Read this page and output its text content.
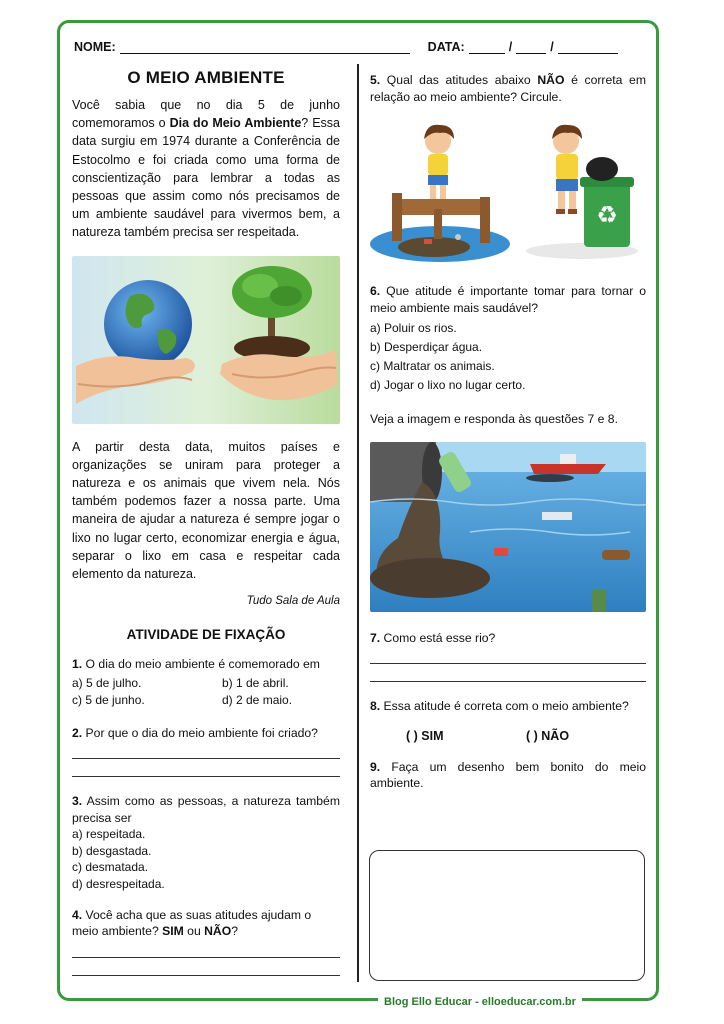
NOME:	DATA:	/	/
O MEIO AMBIENTE

Você sabia que no dia 5 de junho comemoramos o Dia do Meio Ambiente? Essa data surgiu em 1974 durante a Conferência de Estocolmo e foi criada como uma forma de conscientização para lembrar a todas as pessoas que assim como nós precisamos de um ambiente saudável para vivermos bem, a natureza também precisa ser respeitada.

A partir desta data, muitos países e organizações se uniram para proteger a natureza e os animais que vivem nela. Nós também podemos fazer a nossa parte. Uma maneira de ajudar a natureza é sempre jogar o lixo no lugar certo, economizar energia e água, separar o lixo em casa e respeitar cada elemento da natureza.

Tudo Sala de Aula
ATIVIDADE DE FIXAÇÃO
1. O dia do meio ambiente é comemorado em
a) 5 de julho.	b) 1 de abril.
c) 5 de junho.	d) 2 de maio.
2. Por que o dia do meio ambiente foi criado?
3. Assim como as pessoas, a natureza também precisa ser
a) respeitada.
b) desgastada.
c) desmatada.
d) desrespeitada.
4. Você acha que as suas atitudes ajudam o meio ambiente? SIM ou NÃO?
5. Qual das atitudes abaixo NÃO é correta em relação ao meio ambiente? Circule.
♻
6. Que atitude é importante tomar para tornar o meio ambiente mais saudável?
a) Poluir os rios.
b) Desperdiçar água.
c) Maltratar os animais.
d) Jogar o lixo no lugar certo.
Veja a imagem e responda às questões 7 e 8.
7. Como está esse rio?
8. Essa atitude é correta com o meio ambiente?
( ) SIM	( ) NÃO
9. Faça um desenho bem bonito do meio ambiente.
Blog Ello Educar - elloeducar.com.br
